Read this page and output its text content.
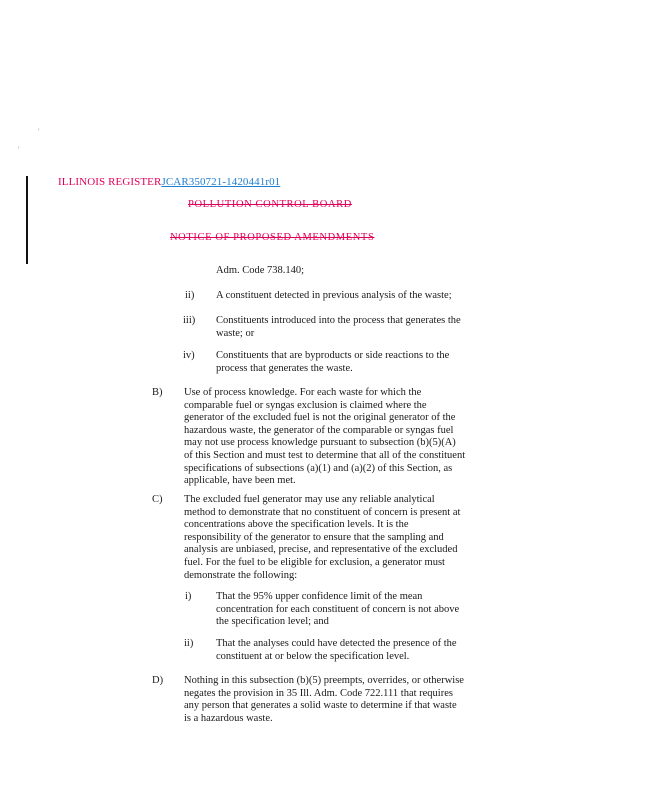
'
'
ILLINOIS REGISTERJCAR350721-1420441r01
POLLUTION CONTROL BOARD
NOTICE OF PROPOSED AMENDMENTS
Adm. Code 738.140;
ii) A constituent detected in previous analysis of the waste;
iii) Constituents introduced into the process that generates the waste; or
iv) Constituents that are byproducts or side reactions to the process that generates the waste.
B) Use of process knowledge. For each waste for which the comparable fuel or syngas exclusion is claimed where the generator of the excluded fuel is not the original generator of the hazardous waste, the generator of the comparable or syngas fuel may not use process knowledge pursuant to subsection (b)(5)(A) of this Section and must test to determine that all of the constituent specifications of subsections (a)(1) and (a)(2) of this Section, as applicable, have been met.
C) The excluded fuel generator may use any reliable analytical method to demonstrate that no constituent of concern is present at concentrations above the specification levels. It is the responsibility of the generator to ensure that the sampling and analysis are unbiased, precise, and representative of the excluded fuel. For the fuel to be eligible for exclusion, a generator must demonstrate the following:
i) That the 95% upper confidence limit of the mean concentration for each constituent of concern is not above the specification level; and
ii) That the analyses could have detected the presence of the constituent at or below the specification level.
D) Nothing in this subsection (b)(5) preempts, overrides, or otherwise negates the provision in 35 Ill. Adm. Code 722.111 that requires any person that generates a solid waste to determine if that waste is a hazardous waste.
